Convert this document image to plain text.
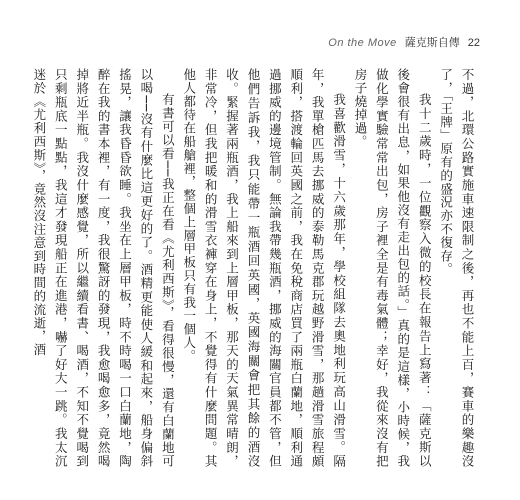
On the Move 薩克斯自傳 22

不過，北環公路實施車速限制之後，再也不能上百，賽車的樂趣沒了，「王牌」原有的盛況亦不復存。

我十二歲時，一位觀察入微的校長在報告上寫著：「薩克斯以後會很有出息，如果他沒有走出包的話。」真的是這樣，小時候，我做化學實驗常常出包，房子裡全是有毒氣體；幸好，我從來沒有把房子燒掉過。

我喜歡滑雪，十六歲那年，學校組隊去奧地利玩高山滑雪。隔年，我單槍匹馬去挪威的泰勒馬克郡玩越野滑雪，那趟滑雪旅程頗順利，搭渡輪回英國之前，我在免稅商店買了兩瓶白蘭地，順利通過挪威的邊境管制。無論我帶幾瓶酒，挪威的海關官員都不管，但他們告訴我，我只能帶一瓶酒回英國，英國海關會把其餘的酒沒收。緊握著兩瓶酒，我上船來到上層甲板，那天的天氣異常晴朗，非常冷，但我把暖和的滑雪衣褲穿在身上，不覺得有什麼問題。其他人都待在船艙裡，整個上層甲板只有我一個人。

有書可以看──我正在看《尤利西斯》，看得很慢，還有白蘭地可以喝──沒有什麼比這更好的了。酒精更能使人緩和起來，船身偏斜搖晃，讓我昏昏欲睡。我坐在上層甲板，時不時喝一口白蘭地，陶醉在我的書本裡，有一度，我很驚訝的發現，我愈喝愈多，竟然喝掉將近半瓶。我沒什麼感覺，所以繼續看書、喝酒，不知不覺喝到只剩瓶底一點點，我這才發現船正在進港，嚇了好大一跳。我太沉迷於《尤利西斯》，竟然沒注意到時間的流逝，酒
